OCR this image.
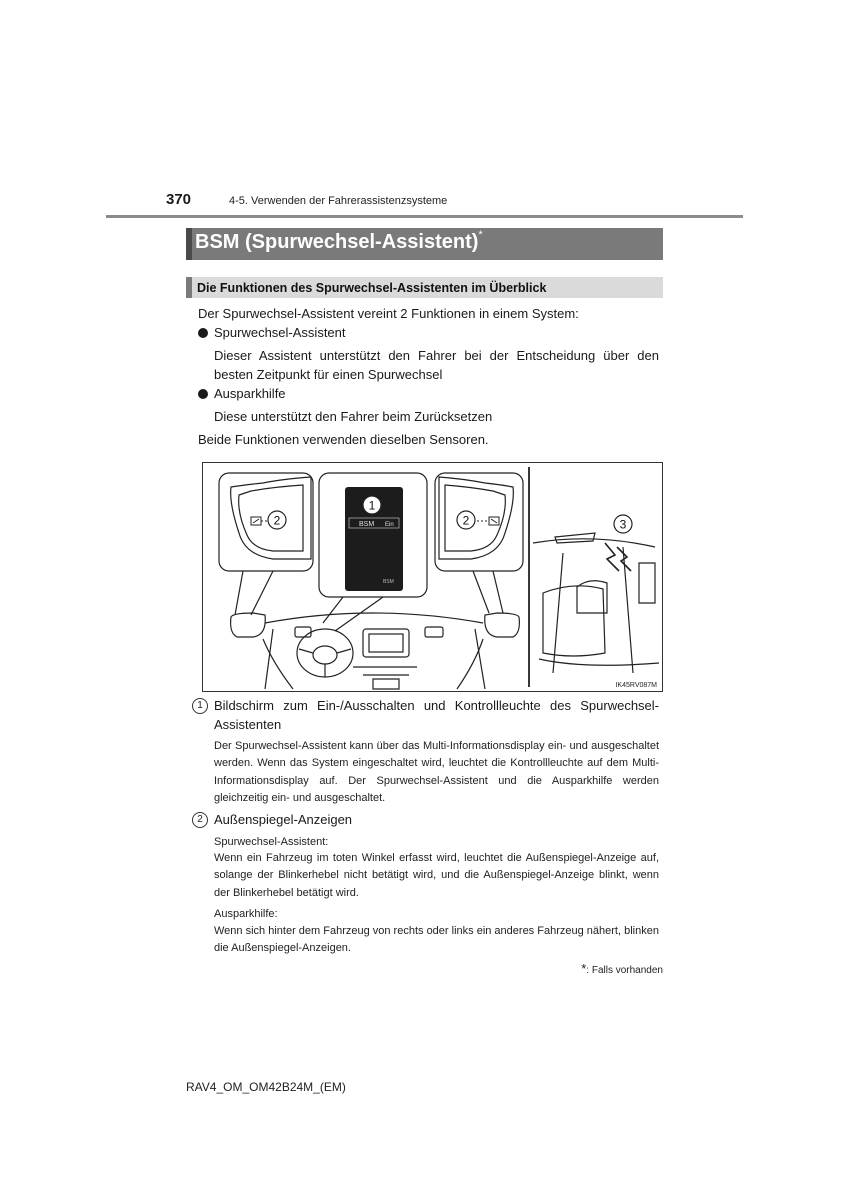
370	4-5. Verwenden der Fahrerassistenzsysteme
BSM (Spurwechsel-Assistent)*
Die Funktionen des Spurwechsel-Assistenten im Überblick
Der Spurwechsel-Assistent vereint 2 Funktionen in einem System:
Spurwechsel-Assistent
Dieser Assistent unterstützt den Fahrer bei der Entscheidung über den besten Zeitpunkt für einen Spurwechsel
Ausparkhilfe
Diese unterstützt den Fahrer beim Zurücksetzen
Beide Funktionen verwenden dieselben Sensoren.
BSM Ein
BSM
1
2	2	3
IK45RV087M
1 Bildschirm zum Ein-/Ausschalten und Kontrollleuchte des Spurwechsel-Assistenten
Der Spurwechsel-Assistent kann über das Multi-Informationsdisplay ein- und ausgeschaltet werden. Wenn das System eingeschaltet wird, leuchtet die Kontrollleuchte auf dem Multi-Informationsdisplay auf. Der Spurwechsel-Assistent und die Ausparkhilfe werden gleichzeitig ein- und ausgeschaltet.
2 Außenspiegel-Anzeigen
Spurwechsel-Assistent:
Wenn ein Fahrzeug im toten Winkel erfasst wird, leuchtet die Außenspiegel-Anzeige auf, solange der Blinkerhebel nicht betätigt wird, und die Außenspiegel-Anzeige blinkt, wenn der Blinkerhebel betätigt wird.
Ausparkhilfe:
Wenn sich hinter dem Fahrzeug von rechts oder links ein anderes Fahrzeug nähert, blinken die Außenspiegel-Anzeigen.
*: Falls vorhanden
RAV4_OM_OM42B24M_(EM)
